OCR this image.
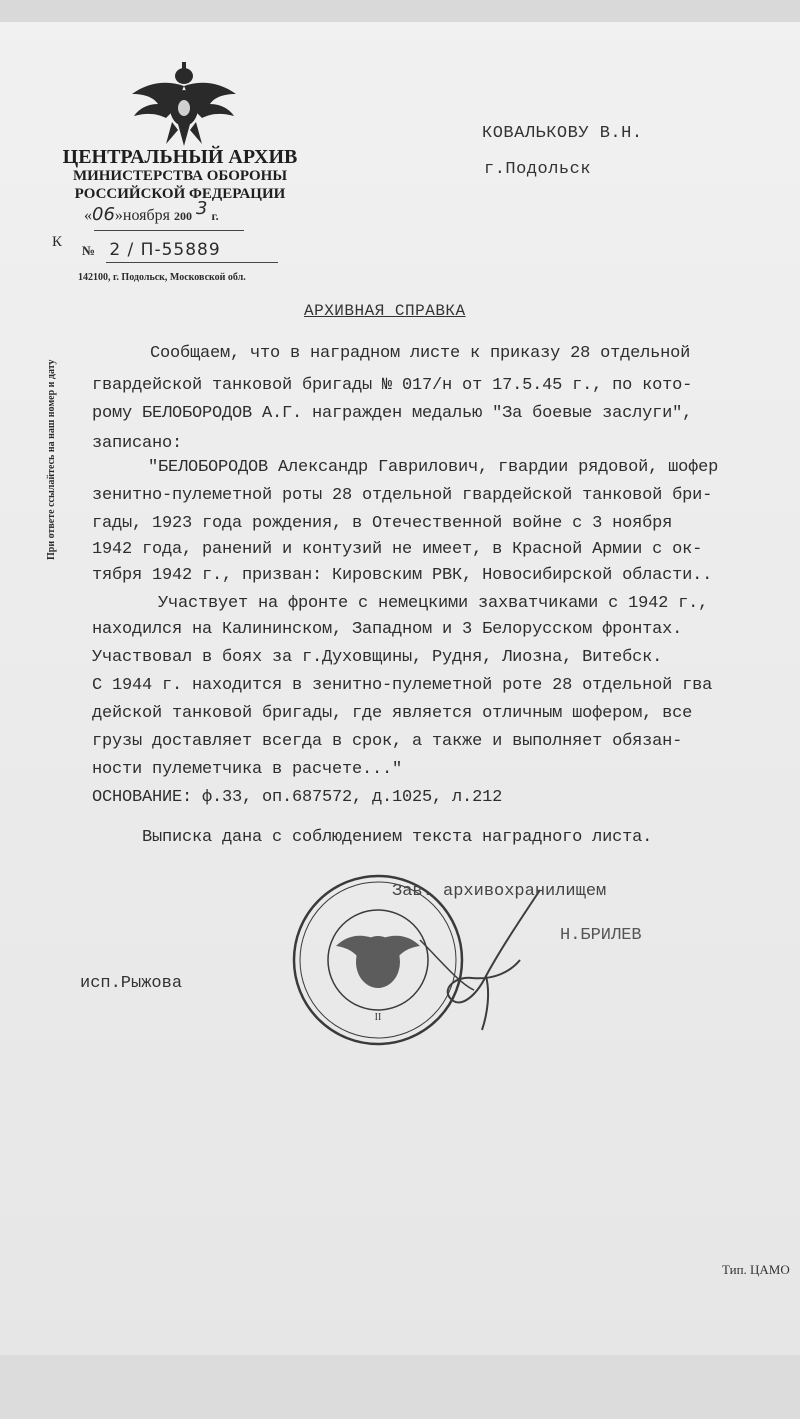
ЦЕНТРАЛЬНЫЙ АРХИВ
МИНИСТЕРСТВА ОБОРОНЫ
РОССИЙСКОЙ ФЕДЕРАЦИИ
«06»ноября 200 3 г.
К
№ 2 / П-55889
142100, г. Подольск, Московской обл.
При ответе ссылайтесь на наш номер и дату
КОВАЛЬКОВУ В.Н.
г.Подольск
АРХИВНАЯ СПРАВКА
Сообщаем, что в наградном листе к приказу 28 отдельной
гвардейской танковой бригады № 017/н от 17.5.45 г., по кото-
рому БЕЛОБОРОДОВ А.Г. награжден медалью "За боевые заслуги",
записано:
"БЕЛОБОРОДОВ Александр Гаврилович, гвардии рядовой, шофер
зенитно-пулеметной роты 28 отдельной гвардейской танковой бри-
гады, 1923 года рождения, в Отечественной войне с 3 ноября
1942 года, ранений и контузий не имеет, в Красной Армии с ок-
тября 1942 г., призван: Кировским РВК, Новосибирской области..
Участвует на фронте с немецкими захватчиками с 1942 г.,
находился на Калининском, Западном и 3 Белорусском фронтах.
Участвовал в боях за г.Духовщины, Рудня, Лиозна, Витебск.
С 1944 г. находится в зенитно-пулеметной роте 28 отдельной гва
дейской танковой бригады, где является отличным шофером, все
грузы доставляет всегда в срок, а также и выполняет обязан-
ности пулеметчика в расчете..."
ОСНОВАНИЕ: ф.33, оп.687572, д.1025, л.212
Выписка дана с соблюдением текста наградного листа.
II
Зав. архивохранилищем
Н.БРИЛЕВ
исп.Рыжова
Тип. ЦАМО
